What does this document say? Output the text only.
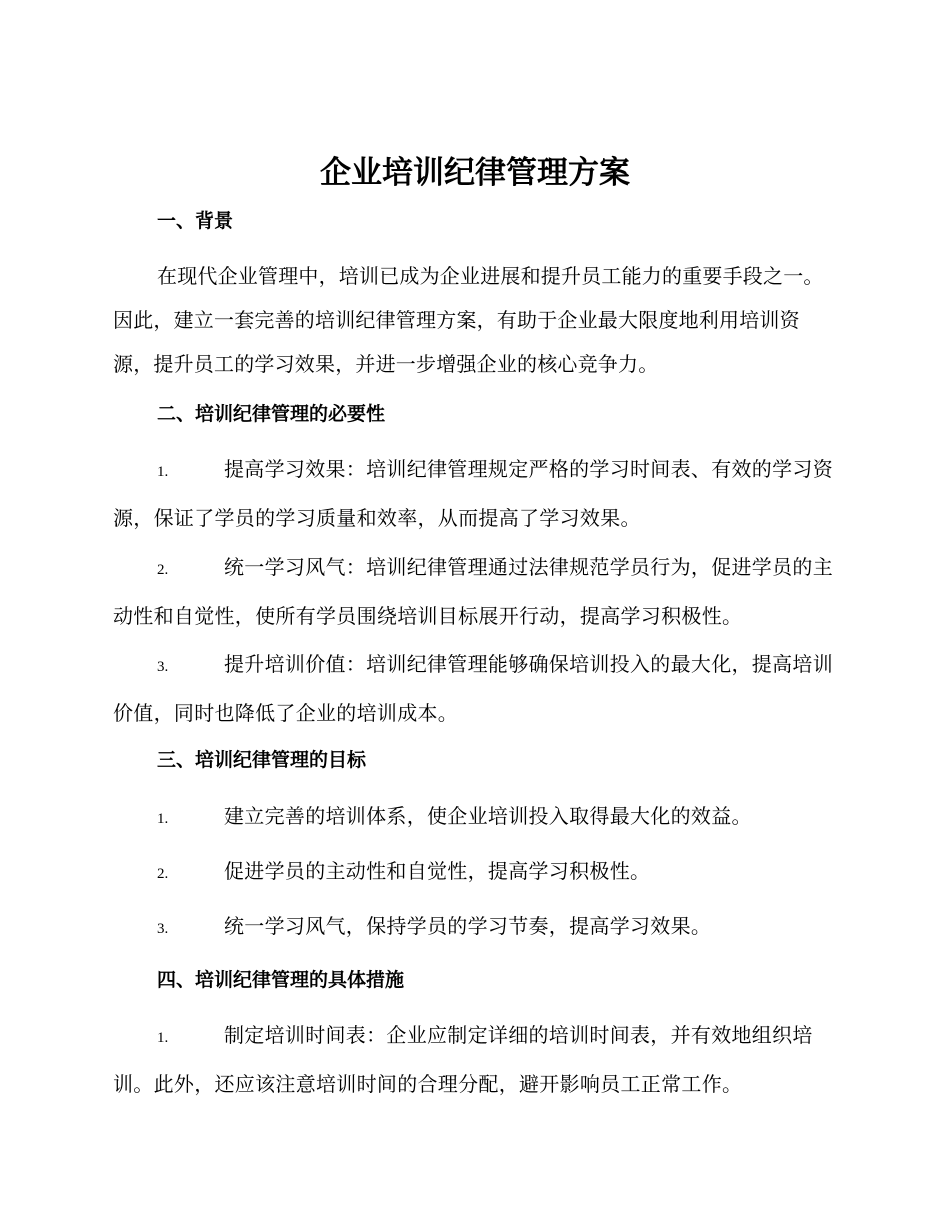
企业培训纪律管理方案
一、背景

在现代企业管理中，培训已成为企业进展和提升员工能力的重要手段之一。因此，建立一套完善的培训纪律管理方案，有助于企业最大限度地利用培训资源，提升员工的学习效果，并进一步增强企业的核心竞争力。

二、培训纪律管理的必要性

1.	提高学习效果：培训纪律管理规定严格的学习时间表、有效的学习资源，保证了学员的学习质量和效率，从而提高了学习效果。

2.	统一学习风气：培训纪律管理通过法律规范学员行为，促进学员的主动性和自觉性，使所有学员围绕培训目标展开行动，提高学习积极性。

3.	提升培训价值：培训纪律管理能够确保培训投入的最大化，提高培训价值，同时也降低了企业的培训成本。

三、培训纪律管理的目标

1.	建立完善的培训体系，使企业培训投入取得最大化的效益。

2.	促进学员的主动性和自觉性，提高学习积极性。

3.	统一学习风气，保持学员的学习节奏，提高学习效果。

四、培训纪律管理的具体措施

1.	制定培训时间表：企业应制定详细的培训时间表，并有效地组织培训。此外，还应该注意培训时间的合理分配，避开影响员工正常工作。
